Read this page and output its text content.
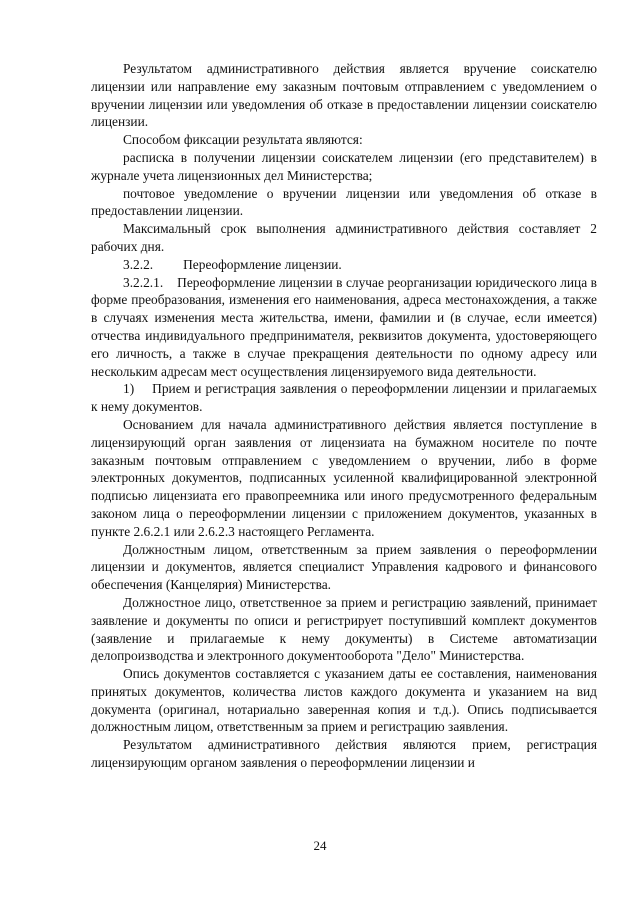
Результатом административного действия является вручение соискателю лицензии или направление ему заказным почтовым отправлением с уведомлением о вручении лицензии или уведомления об отказе в предоставлении лицензии соискателю лицензии.

Способом фиксации результата являются:

расписка в получении лицензии соискателем лицензии (его представителем) в журнале учета лицензионных дел Министерства;

почтовое уведомление о вручении лицензии или уведомления об отказе в предоставлении лицензии.

Максимальный срок выполнения административного действия составляет 2 рабочих дня.

3.2.2. Переоформление лицензии.

3.2.2.1. Переоформление лицензии в случае реорганизации юридического лица в форме преобразования, изменения его наименования, адреса местонахождения, а также в случаях изменения места жительства, имени, фамилии и (в случае, если имеется) отчества индивидуального предпринимателя, реквизитов документа, удостоверяющего его личность, а также в случае прекращения деятельности по одному адресу или нескольким адресам мест осуществления лицензируемого вида деятельности.

1) Прием и регистрация заявления о переоформлении лицензии и прилагаемых к нему документов.

Основанием для начала административного действия является поступление в лицензирующий орган заявления от лицензиата на бумажном носителе по почте заказным почтовым отправлением с уведомлением о вручении, либо в форме электронных документов, подписанных усиленной квалифицированной электронной подписью лицензиата его правопреемника или иного предусмотренного федеральным законом лица о переоформлении лицензии с приложением документов, указанных в пункте 2.6.2.1 или 2.6.2.3 настоящего Регламента.

Должностным лицом, ответственным за прием заявления о переоформлении лицензии и документов, является специалист Управления кадрового и финансового обеспечения (Канцелярия) Министерства.

Должностное лицо, ответственное за прием и регистрацию заявлений, принимает заявление и документы по описи и регистрирует поступивший комплект документов (заявление и прилагаемые к нему документы) в Системе автоматизации делопроизводства и электронного документооборота "Дело" Министерства.

Опись документов составляется с указанием даты ее составления, наименования принятых документов, количества листов каждого документа и указанием на вид документа (оригинал, нотариально заверенная копия и т.д.). Опись подписывается должностным лицом, ответственным за прием и регистрацию заявления.

Результатом административного действия являются прием, регистрация лицензирующим органом заявления о переоформлении лицензии и

24
